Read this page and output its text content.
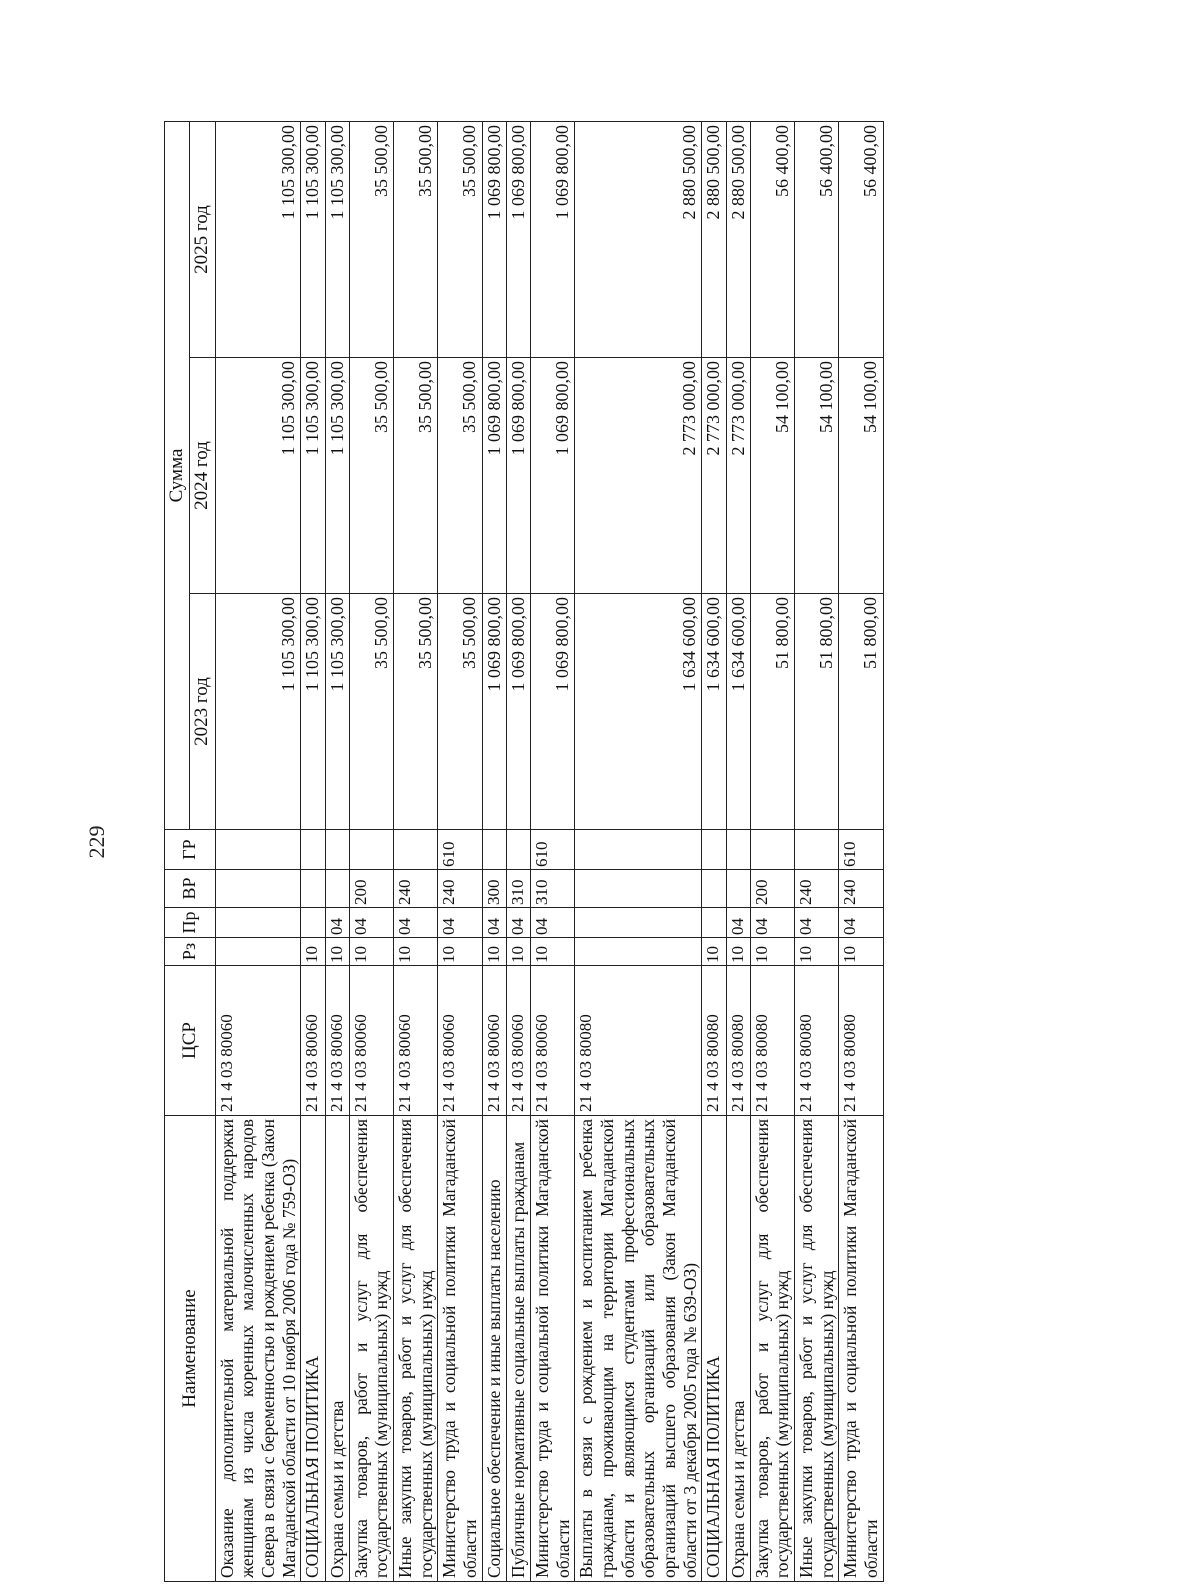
229
Наименование	ЦСР	Рз	Пр	ВР	ГР	Сумма		
						2023 год	2024 год	2025 год
Оказание дополнительной материальной поддержки женщинам из числа коренных малочисленных народов Севера в связи с беременностью и рождением ребенка (Закон Магаданской области от 10 ноября 2006 года № 759-ОЗ)	21 4 03 80060					1 105 300,00	1 105 300,00	1 105 300,00
СОЦИАЛЬНАЯ ПОЛИТИКА	21 4 03 80060	10				1 105 300,00	1 105 300,00	1 105 300,00
Охрана семьи и детства	21 4 03 80060	10	04			1 105 300,00	1 105 300,00	1 105 300,00
Закупка товаров, работ и услуг для обеспечения государственных (муниципальных) нужд	21 4 03 80060	10	04	200		35 500,00	35 500,00	35 500,00
Иные закупки товаров, работ и услуг для обеспечения государственных (муниципальных) нужд	21 4 03 80060	10	04	240		35 500,00	35 500,00	35 500,00
Министерство труда и социальной политики Магаданской области	21 4 03 80060	10	04	240	610	35 500,00	35 500,00	35 500,00
Социальное обеспечение и иные выплаты населению	21 4 03 80060	10	04	300		1 069 800,00	1 069 800,00	1 069 800,00
Публичные нормативные социальные выплаты гражданам	21 4 03 80060	10	04	310		1 069 800,00	1 069 800,00	1 069 800,00
Министерство труда и социальной политики Магаданской области	21 4 03 80060	10	04	310	610	1 069 800,00	1 069 800,00	1 069 800,00
Выплаты в связи с рождением и воспитанием ребенка гражданам, проживающим на территории Магаданской области и являющимся студентами профессиональных образовательных организаций или образовательных организаций высшего образования (Закон Магаданской области от 3 декабря 2005 года № 639-ОЗ)	21 4 03 80080					1 634 600,00	2 773 000,00	2 880 500,00
СОЦИАЛЬНАЯ ПОЛИТИКА	21 4 03 80080	10				1 634 600,00	2 773 000,00	2 880 500,00
Охрана семьи и детства	21 4 03 80080	10	04			1 634 600,00	2 773 000,00	2 880 500,00
Закупка товаров, работ и услуг для обеспечения государственных (муниципальных) нужд	21 4 03 80080	10	04	200		51 800,00	54 100,00	56 400,00
Иные закупки товаров, работ и услуг для обеспечения государственных (муниципальных) нужд	21 4 03 80080	10	04	240		51 800,00	54 100,00	56 400,00
Министерство труда и социальной политики Магаданской области	21 4 03 80080	10	04	240	610	51 800,00	54 100,00	56 400,00
